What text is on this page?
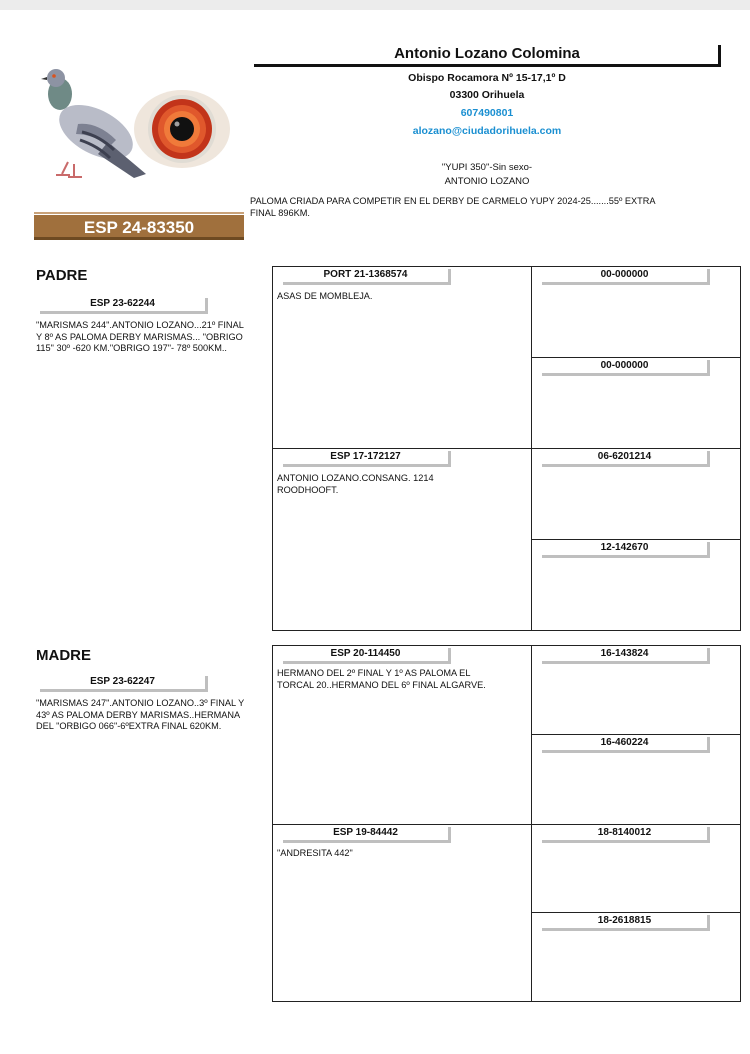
ESP 24-83350
Antonio Lozano Colomina
Obispo Rocamora Nº 15-17,1º D
03300 Orihuela
607490801
alozano@ciudadorihuela.com
"YUPI 350"-Sin sexo-
ANTONIO LOZANO
PALOMA CRIADA PARA COMPETIR EN EL DERBY DE CARMELO YUPY 2024-25.......55º EXTRA FINAL 896KM.
PADRE
ESP 23-62244
"MARISMAS 244".ANTONIO LOZANO...21º FINAL Y 8º AS PALOMA DERBY MARISMAS... "OBRIGO 115" 30º -620 KM."OBRIGO 197"- 78º 500KM..
MADRE
ESP 23-62247
"MARISMAS 247".ANTONIO LOZANO..3º FINAL Y 43º AS PALOMA DERBY MARISMAS..HERMANA DEL "ORBIGO 066"-6ºEXTRA FINAL 620KM.
PORT 21-1368574
ASAS DE MOMBLEJA.
ESP 17-172127
ANTONIO LOZANO.CONSANG. 1214 ROODHOOFT.
00-000000
00-000000
06-6201214
12-142670
ESP 20-114450
HERMANO DEL 2º FINAL Y 1º AS PALOMA EL TORCAL 20..HERMANO DEL 6º FINAL ALGARVE.
ESP 19-84442
"ANDRESITA 442"
16-143824
16-460224
18-8140012
18-2618815
